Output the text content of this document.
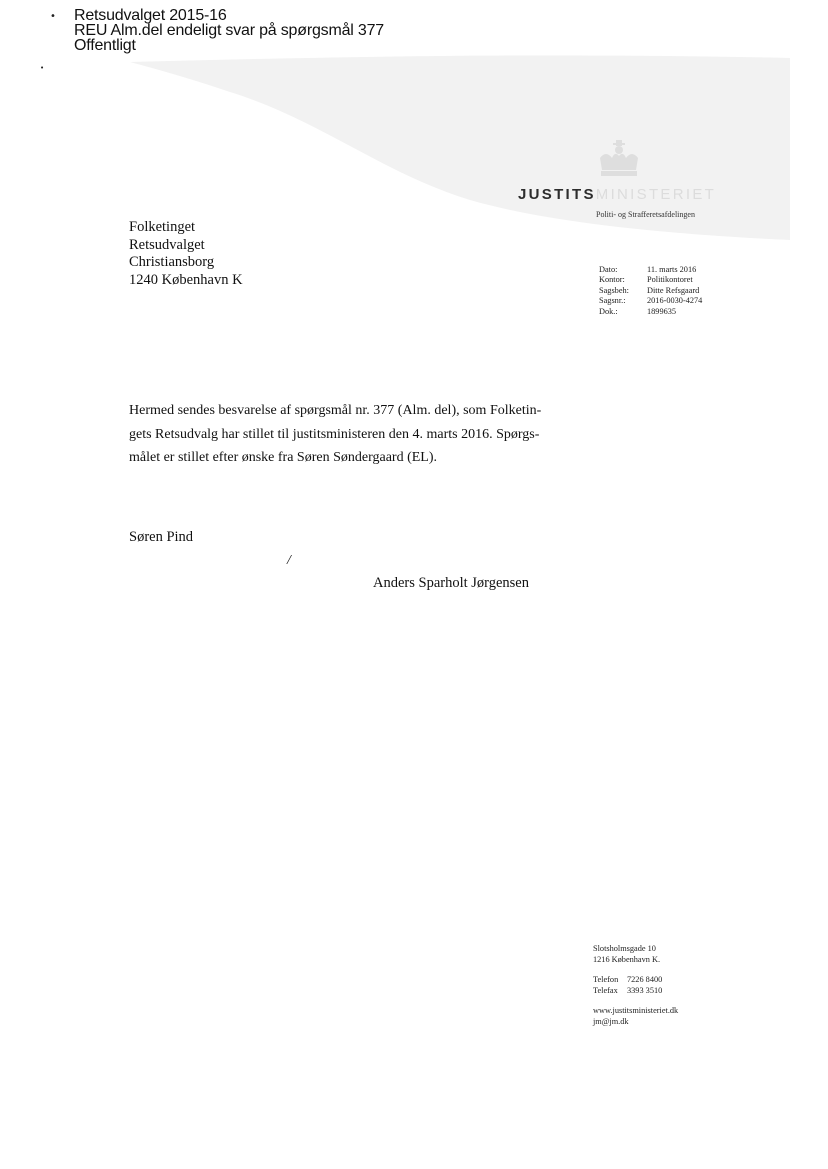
Retsudvalget 2015-16
REU Alm.del endeligt svar på spørgsmål 377
Offentligt
•
•
JUSTITSMINISTERIET
Politi- og Strafferetsafdelingen
Folketinget
Retsudvalget
Christiansborg
1240 København K
Dato:	11. marts 2016
Kontor:	Politikontoret
Sagsbeh:	Ditte Refsgaard
Sagsnr.:	2016-0030-4274
Dok.:	1899635
Hermed sendes besvarelse af spørgsmål nr. 377 (Alm. del), som Folketin-
gets Retsudvalg har stillet til justitsministeren den 4. marts 2016. Spørgs-
målet er stillet efter ønske fra Søren Søndergaard (EL).
Søren Pind
/
Anders Sparholt Jørgensen
Slotsholmsgade 10
1216 København K.
Telefon	7226 8400
Telefax	3393 3510
www.justitsministeriet.dk
jm@jm.dk
